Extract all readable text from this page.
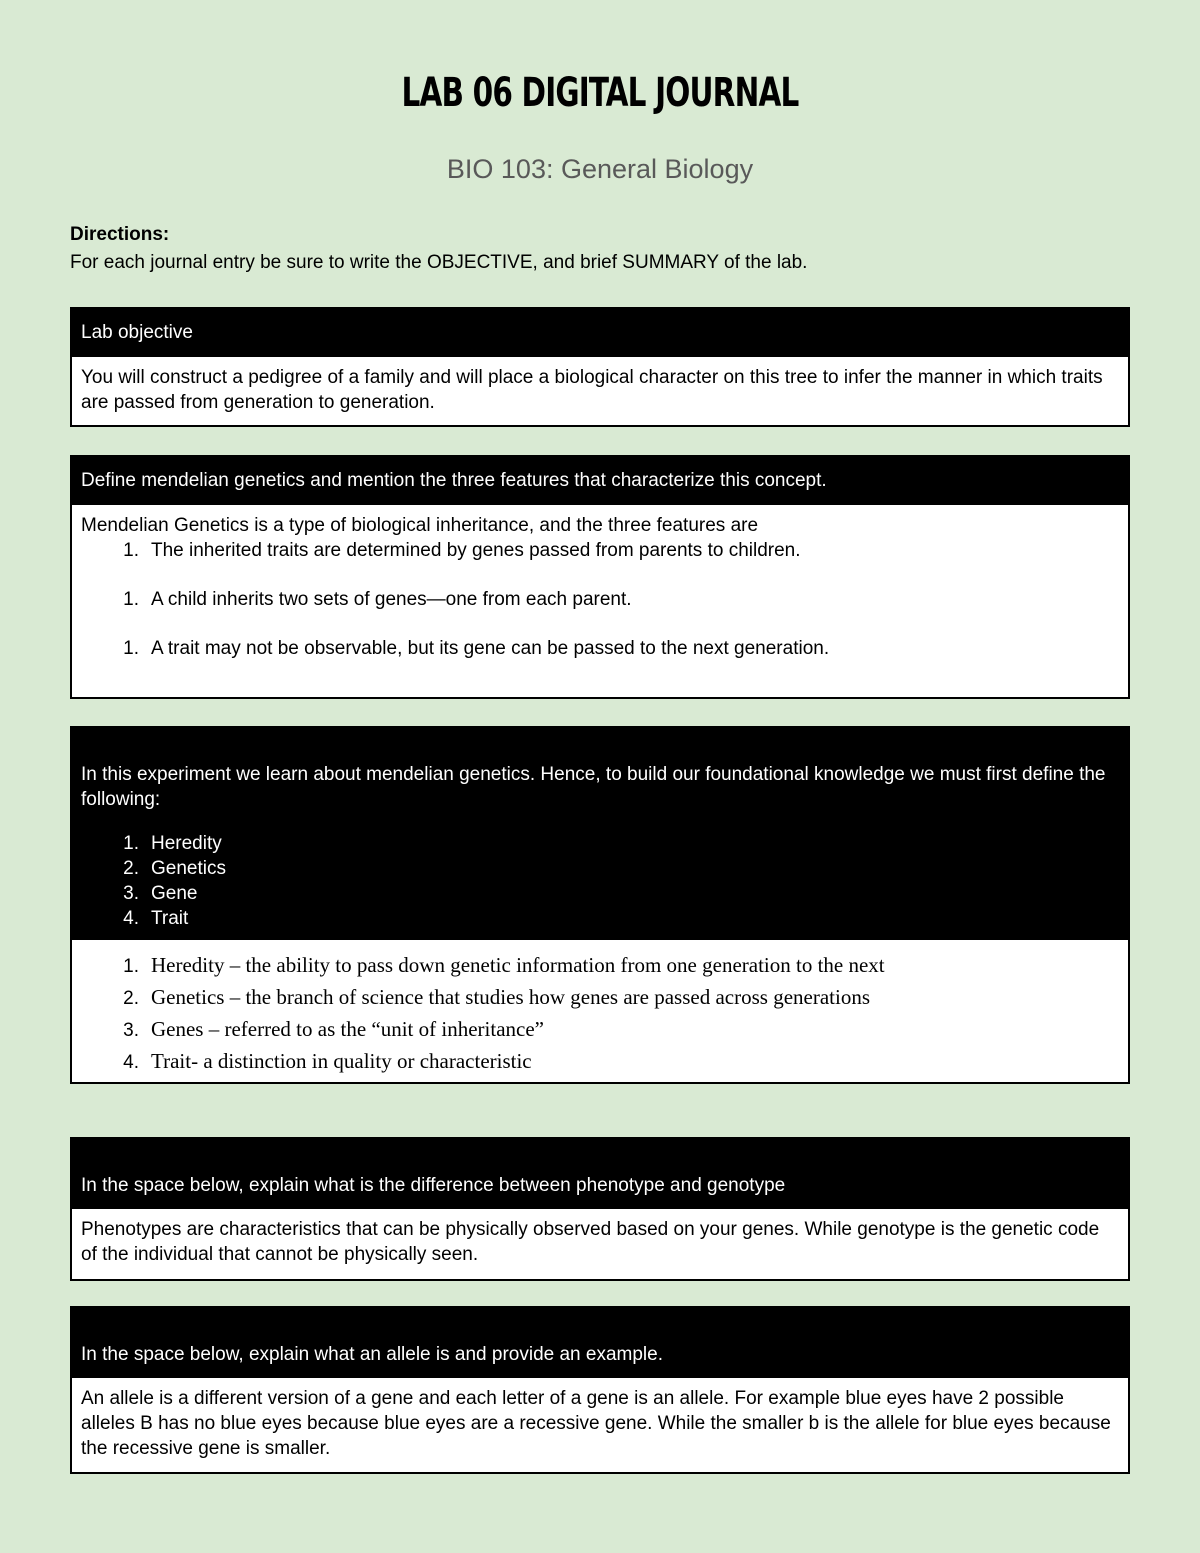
LAB 06 DIGITAL JOURNAL
BIO 103: General Biology
Directions:
For each journal entry be sure to write the OBJECTIVE, and brief SUMMARY of the lab.
Lab objective
You will construct a pedigree of a family and will place a biological character on this tree to infer the manner in which traits are passed from generation to generation.
Define mendelian genetics and mention the three features that characterize this concept.
Mendelian Genetics is a type of biological inheritance, and the three features are
1. The inherited traits are determined by genes passed from parents to children.
1. A child inherits two sets of genes—one from each parent.
1. A trait may not be observable, but its gene can be passed to the next generation.
In this experiment we learn about mendelian genetics. Hence, to build our foundational knowledge we must first define the following:
1. Heredity
2. Genetics
3. Gene
4. Trait
1. Heredity – the ability to pass down genetic information from one generation to the next
2. Genetics – the branch of science that studies how genes are passed across generations
3. Genes – referred to as the “unit of inheritance”
4. Trait- a distinction in quality or characteristic
In the space below, explain what is the difference between phenotype and genotype
Phenotypes are characteristics that can be physically observed based on your genes. While genotype is the genetic code of the individual that cannot be physically seen.
In the space below, explain what an allele is and provide an example.
An allele is a different version of a gene and each letter of a gene is an allele. For example blue eyes have 2 possible alleles B has no blue eyes because blue eyes are a recessive gene. While the smaller b is the allele for blue eyes because the recessive gene is smaller.
